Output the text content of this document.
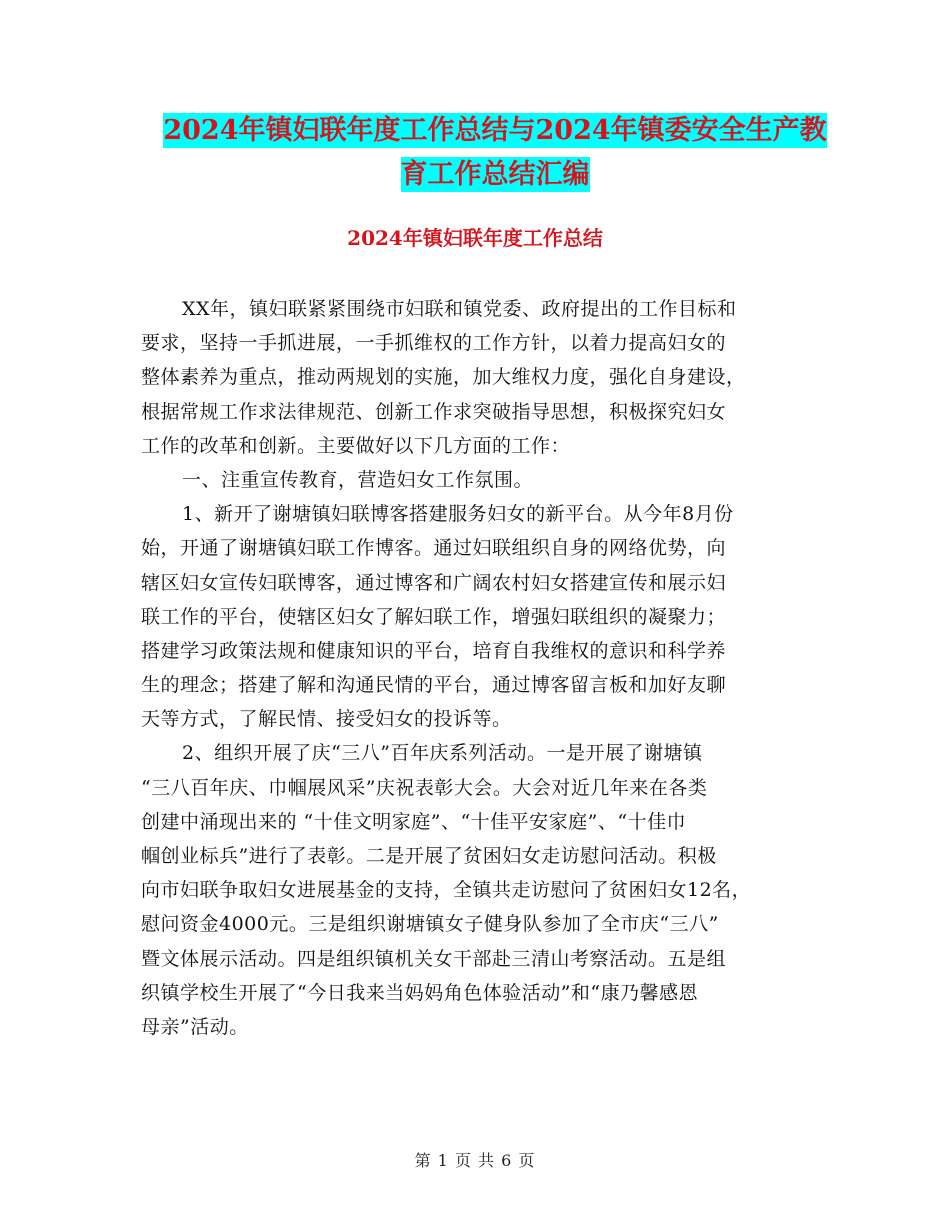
2024年镇妇联年度工作总结与2024年镇委安全生产教
育工作总结汇编
2024年镇妇联年度工作总结
XX年，镇妇联紧紧围绕市妇联和镇党委、政府提出的工作目标和
要求，坚持一手抓进展，一手抓维权的工作方针，以着力提高妇女的
整体素养为重点，推动两规划的实施，加大维权力度，强化自身建设，
根据常规工作求法律规范、创新工作求突破指导思想，积极探究妇女
工作的改革和创新。主要做好以下几方面的工作：
一、注重宣传教育，营造妇女工作氛围。
1、新开了谢塘镇妇联博客搭建服务妇女的新平台。从今年8月份
始，开通了谢塘镇妇联工作博客。通过妇联组织自身的网络优势，向
辖区妇女宣传妇联博客，通过博客和广阔农村妇女搭建宣传和展示妇
联工作的平台，使辖区妇女了解妇联工作，增强妇联组织的凝聚力；
搭建学习政策法规和健康知识的平台，培育自我维权的意识和科学养
生的理念；搭建了解和沟通民情的平台，通过博客留言板和加好友聊
天等方式，了解民情、接受妇女的投诉等。
2、组织开展了庆“三八”百年庆系列活动。一是开展了谢塘镇
“三八百年庆、巾帼展风采”庆祝表彰大会。大会对近几年来在各类
创建中涌现出来的 “十佳文明家庭”、“十佳平安家庭”、“十佳巾
帼创业标兵”进行了表彰。二是开展了贫困妇女走访慰问活动。积极
向市妇联争取妇女进展基金的支持，全镇共走访慰问了贫困妇女12名，
慰问资金4000元。三是组织谢塘镇女子健身队参加了全市庆“三八”
暨文体展示活动。四是组织镇机关女干部赴三清山考察活动。五是组
织镇学校生开展了“今日我来当妈妈角色体验活动”和“康乃馨感恩
母亲”活动。
第 1 页 共 6 页
